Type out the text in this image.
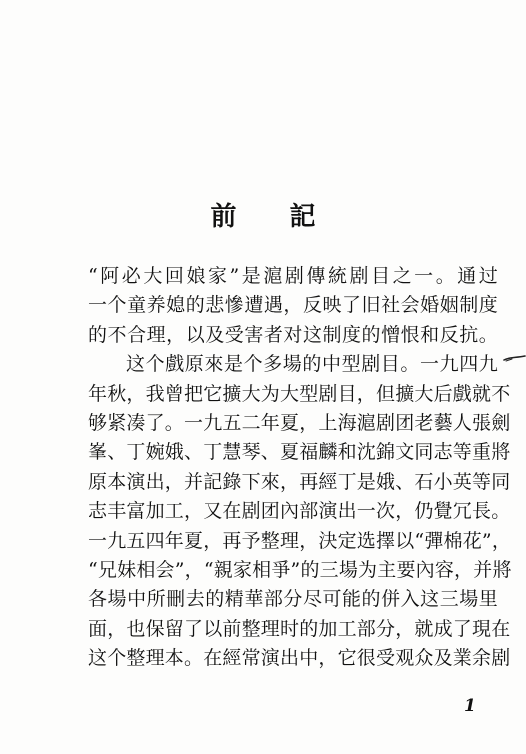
前 記
“阿必大回娘家”是滬剧傳統剧目之一。通过
一个童养媳的悲慘遭遇，反映了旧社会婚姻制度
的不合理，以及受害者对这制度的憎恨和反抗。
这个戲原來是个多場的中型剧目。一九四九
年秋，我曾把它擴大为大型剧目，但擴大后戲就不
够紧凑了。一九五二年夏，上海滬剧团老藝人張劍
峯、丁婉娥、丁慧琴、夏福麟和沈錦文同志等重將
原本演出，并記錄下來，再經丁是娥、石小英等同
志丰富加工，又在剧团內部演出一次，仍覺冗長。
一九五四年夏，再予整理，決定选擇以“彈棉花”，
“兄妹相会”，“親家相爭”的三場为主要內容，并將
各場中所刪去的精華部分尽可能的併入这三場里
面，也保留了以前整理时的加工部分，就成了現在
这个整理本。在經常演出中，它很受观众及業余剧
1
